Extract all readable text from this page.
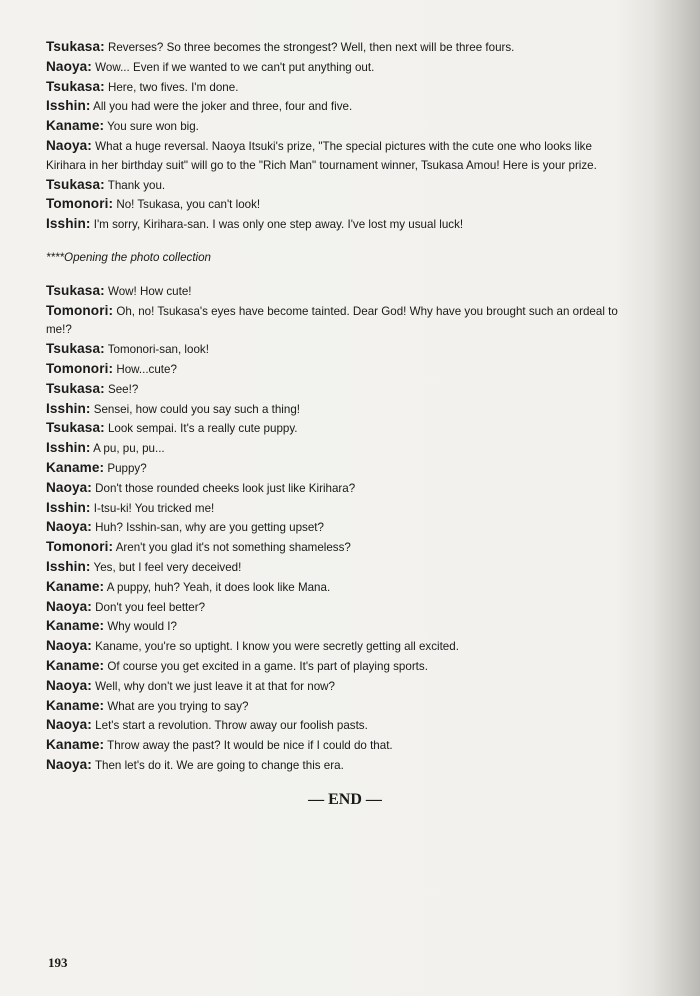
Tsukasa: Reverses? So three becomes the strongest? Well, then next will be three fours.

Naoya: Wow... Even if we wanted to we can't put anything out.

Tsukasa: Here, two fives. I'm done.

Isshin: All you had were the joker and three, four and five.

Kaname: You sure won big.

Naoya: What a huge reversal. Naoya Itsuki's prize, "The special pictures with the cute one who looks like Kirihara in her birthday suit" will go to the "Rich Man" tournament winner, Tsukasa Amou! Here is your prize.

Tsukasa: Thank you.

Tomonori: No! Tsukasa, you can't look!

Isshin: I'm sorry, Kirihara-san. I was only one step away. I've lost my usual luck!

****Opening the photo collection

Tsukasa: Wow! How cute!

Tomonori: Oh, no! Tsukasa's eyes have become tainted. Dear God! Why have you brought such an ordeal to me!?

Tsukasa: Tomonori-san, look!

Tomonori: How...cute?

Tsukasa: See!?

Isshin: Sensei, how could you say such a thing!

Tsukasa: Look sempai. It's a really cute puppy.

Isshin: A pu, pu, pu...

Kaname: Puppy?

Naoya: Don't those rounded cheeks look just like Kirihara?

Isshin: I-tsu-ki! You tricked me!

Naoya: Huh? Isshin-san, why are you getting upset?

Tomonori: Aren't you glad it's not something shameless?

Isshin: Yes, but I feel very deceived!

Kaname: A puppy, huh? Yeah, it does look like Mana.

Naoya: Don't you feel better?

Kaname: Why would I?

Naoya: Kaname, you're so uptight. I know you were secretly getting all excited.

Kaname: Of course you get excited in a game. It's part of playing sports.

Naoya: Well, why don't we just leave it at that for now?

Kaname: What are you trying to say?

Naoya: Let's start a revolution. Throw away our foolish pasts.

Kaname: Throw away the past? It would be nice if I could do that.

Naoya: Then let's do it. We are going to change this era.

— END —
193
